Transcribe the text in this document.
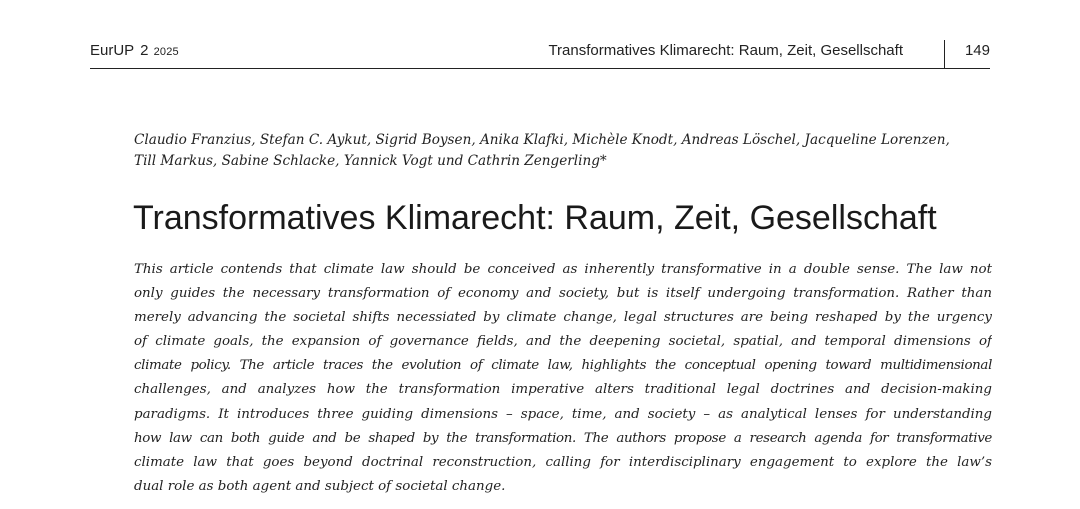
EurUP 2 2025	Transformatives Klimarecht: Raum, Zeit, Gesellschaft	149
Claudio Franzius, Stefan C. Aykut, Sigrid Boysen, Anika Klafki, Michèle Knodt, Andreas Löschel, Jacqueline Lorenzen,
Till Markus, Sabine Schlacke, Yannick Vogt und Cathrin Zengerling*
Transformatives Klimarecht: Raum, Zeit, Gesellschaft
This article contends that climate law should be conceived as inherently transformative in a double sense. The law not
only guides the necessary transformation of economy and society, but is itself undergoing transformation. Rather than
merely advancing the societal shifts necessiated by climate change, legal structures are being reshaped by the urgency
of climate goals, the expansion of governance fields, and the deepening societal, spatial, and temporal dimensions of
climate policy. The article traces the evolution of climate law, highlights the conceptual opening toward multidimensional
challenges, and analyzes how the transformation imperative alters traditional legal doctrines and decision-making
paradigms. It introduces three guiding dimensions – space, time, and society – as analytical lenses for understanding
how law can both guide and be shaped by the transformation. The authors propose a research agenda for transformative
climate law that goes beyond doctrinal reconstruction, calling for interdisciplinary engagement to explore the law’s
dual role as both agent and subject of societal change.
